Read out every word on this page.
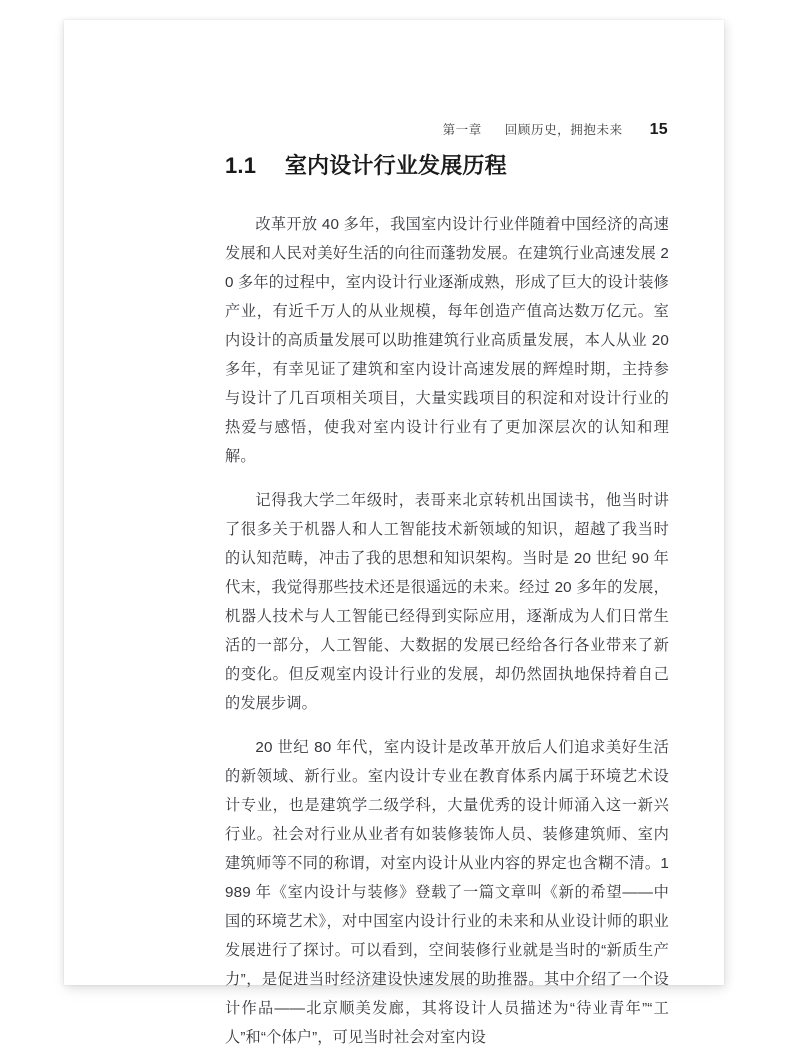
第一章 回顾历史，拥抱未来 15
1.1 室内设计行业发展历程

改革开放 40 多年，我国室内设计行业伴随着中国经济的高速发展和人民对美好生活的向往而蓬勃发展。在建筑行业高速发展 20 多年的过程中，室内设计行业逐渐成熟，形成了巨大的设计装修产业，有近千万人的从业规模，每年创造产值高达数万亿元。室内设计的高质量发展可以助推建筑行业高质量发展，本人从业 20 多年，有幸见证了建筑和室内设计高速发展的辉煌时期，主持参与设计了几百项相关项目，大量实践项目的积淀和对设计行业的热爱与感悟，使我对室内设计行业有了更加深层次的认知和理解。

记得我大学二年级时，表哥来北京转机出国读书，他当时讲了很多关于机器人和人工智能技术新领域的知识，超越了我当时的认知范畴，冲击了我的思想和知识架构。当时是 20 世纪 90 年代末，我觉得那些技术还是很遥远的未来。经过 20 多年的发展，机器人技术与人工智能已经得到实际应用，逐渐成为人们日常生活的一部分，人工智能、大数据的发展已经给各行各业带来了新的变化。但反观室内设计行业的发展，却仍然固执地保持着自己的发展步调。

20 世纪 80 年代，室内设计是改革开放后人们追求美好生活的新领域、新行业。室内设计专业在教育体系内属于环境艺术设计专业，也是建筑学二级学科，大量优秀的设计师涌入这一新兴行业。社会对行业从业者有如装修装饰人员、装修建筑师、室内建筑师等不同的称谓，对室内设计从业内容的界定也含糊不清。1989 年《室内设计与装修》登载了一篇文章叫《新的希望——中国的环境艺术》，对中国室内设计行业的未来和从业设计师的职业发展进行了探讨。可以看到，空间装修行业就是当时的“新质生产力”，是促进当时经济建设快速发展的助推器。其中介绍了一个设计作品——北京顺美发廊，其将设计人员描述为“待业青年”“工人”和“个体户”，可见当时社会对室内设
